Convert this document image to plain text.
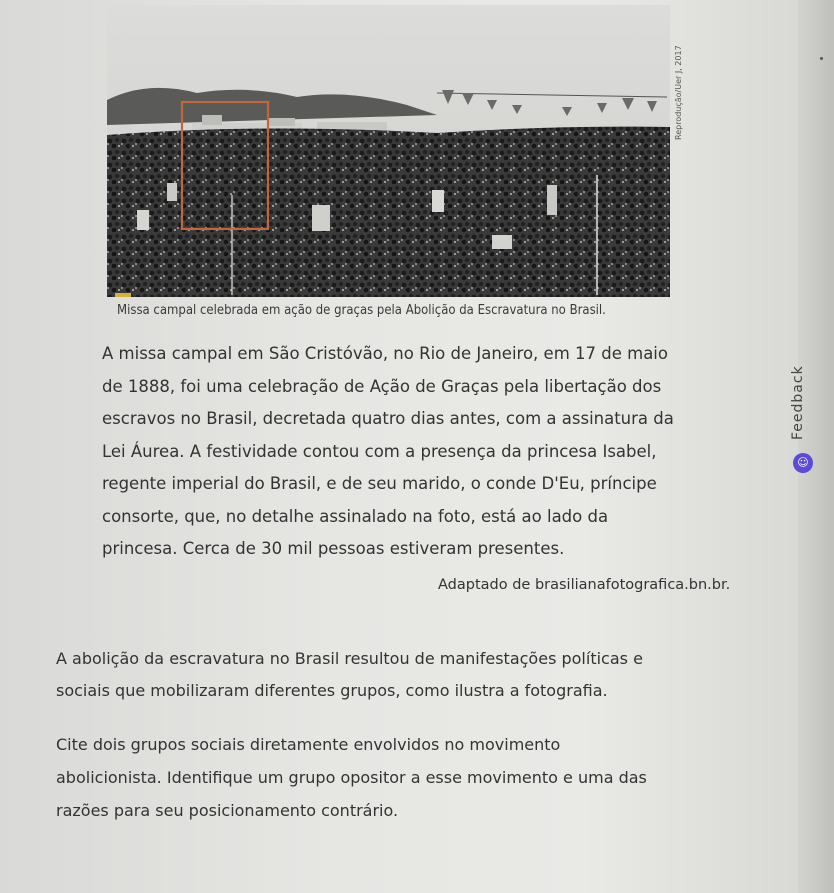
Reprodução/Uer J, 2017
Missa campal celebrada em ação de graças pela Abolição da Escravatura no Brasil.
A missa campal em São Cristóvão, no Rio de Janeiro, em 17 de maio
de 1888, foi uma celebração de Ação de Graças pela libertação dos
escravos no Brasil, decretada quatro dias antes, com a assinatura da
Lei Áurea. A festividade contou com a presença da princesa Isabel,
regente imperial do Brasil, e de seu marido, o conde D'Eu, príncipe
consorte, que, no detalhe assinalado na foto, está ao lado da
princesa. Cerca de 30 mil pessoas estiveram presentes.
Adaptado de brasilianafotografica.bn.br.
A abolição da escravatura no Brasil resultou de manifestações políticas e
sociais que mobilizaram diferentes grupos, como ilustra a fotografia.
Cite dois grupos sociais diretamente envolvidos no movimento
abolicionista. Identifique um grupo opositor a esse movimento e uma das
razões para seu posicionamento contrário.
Feedback
☺
